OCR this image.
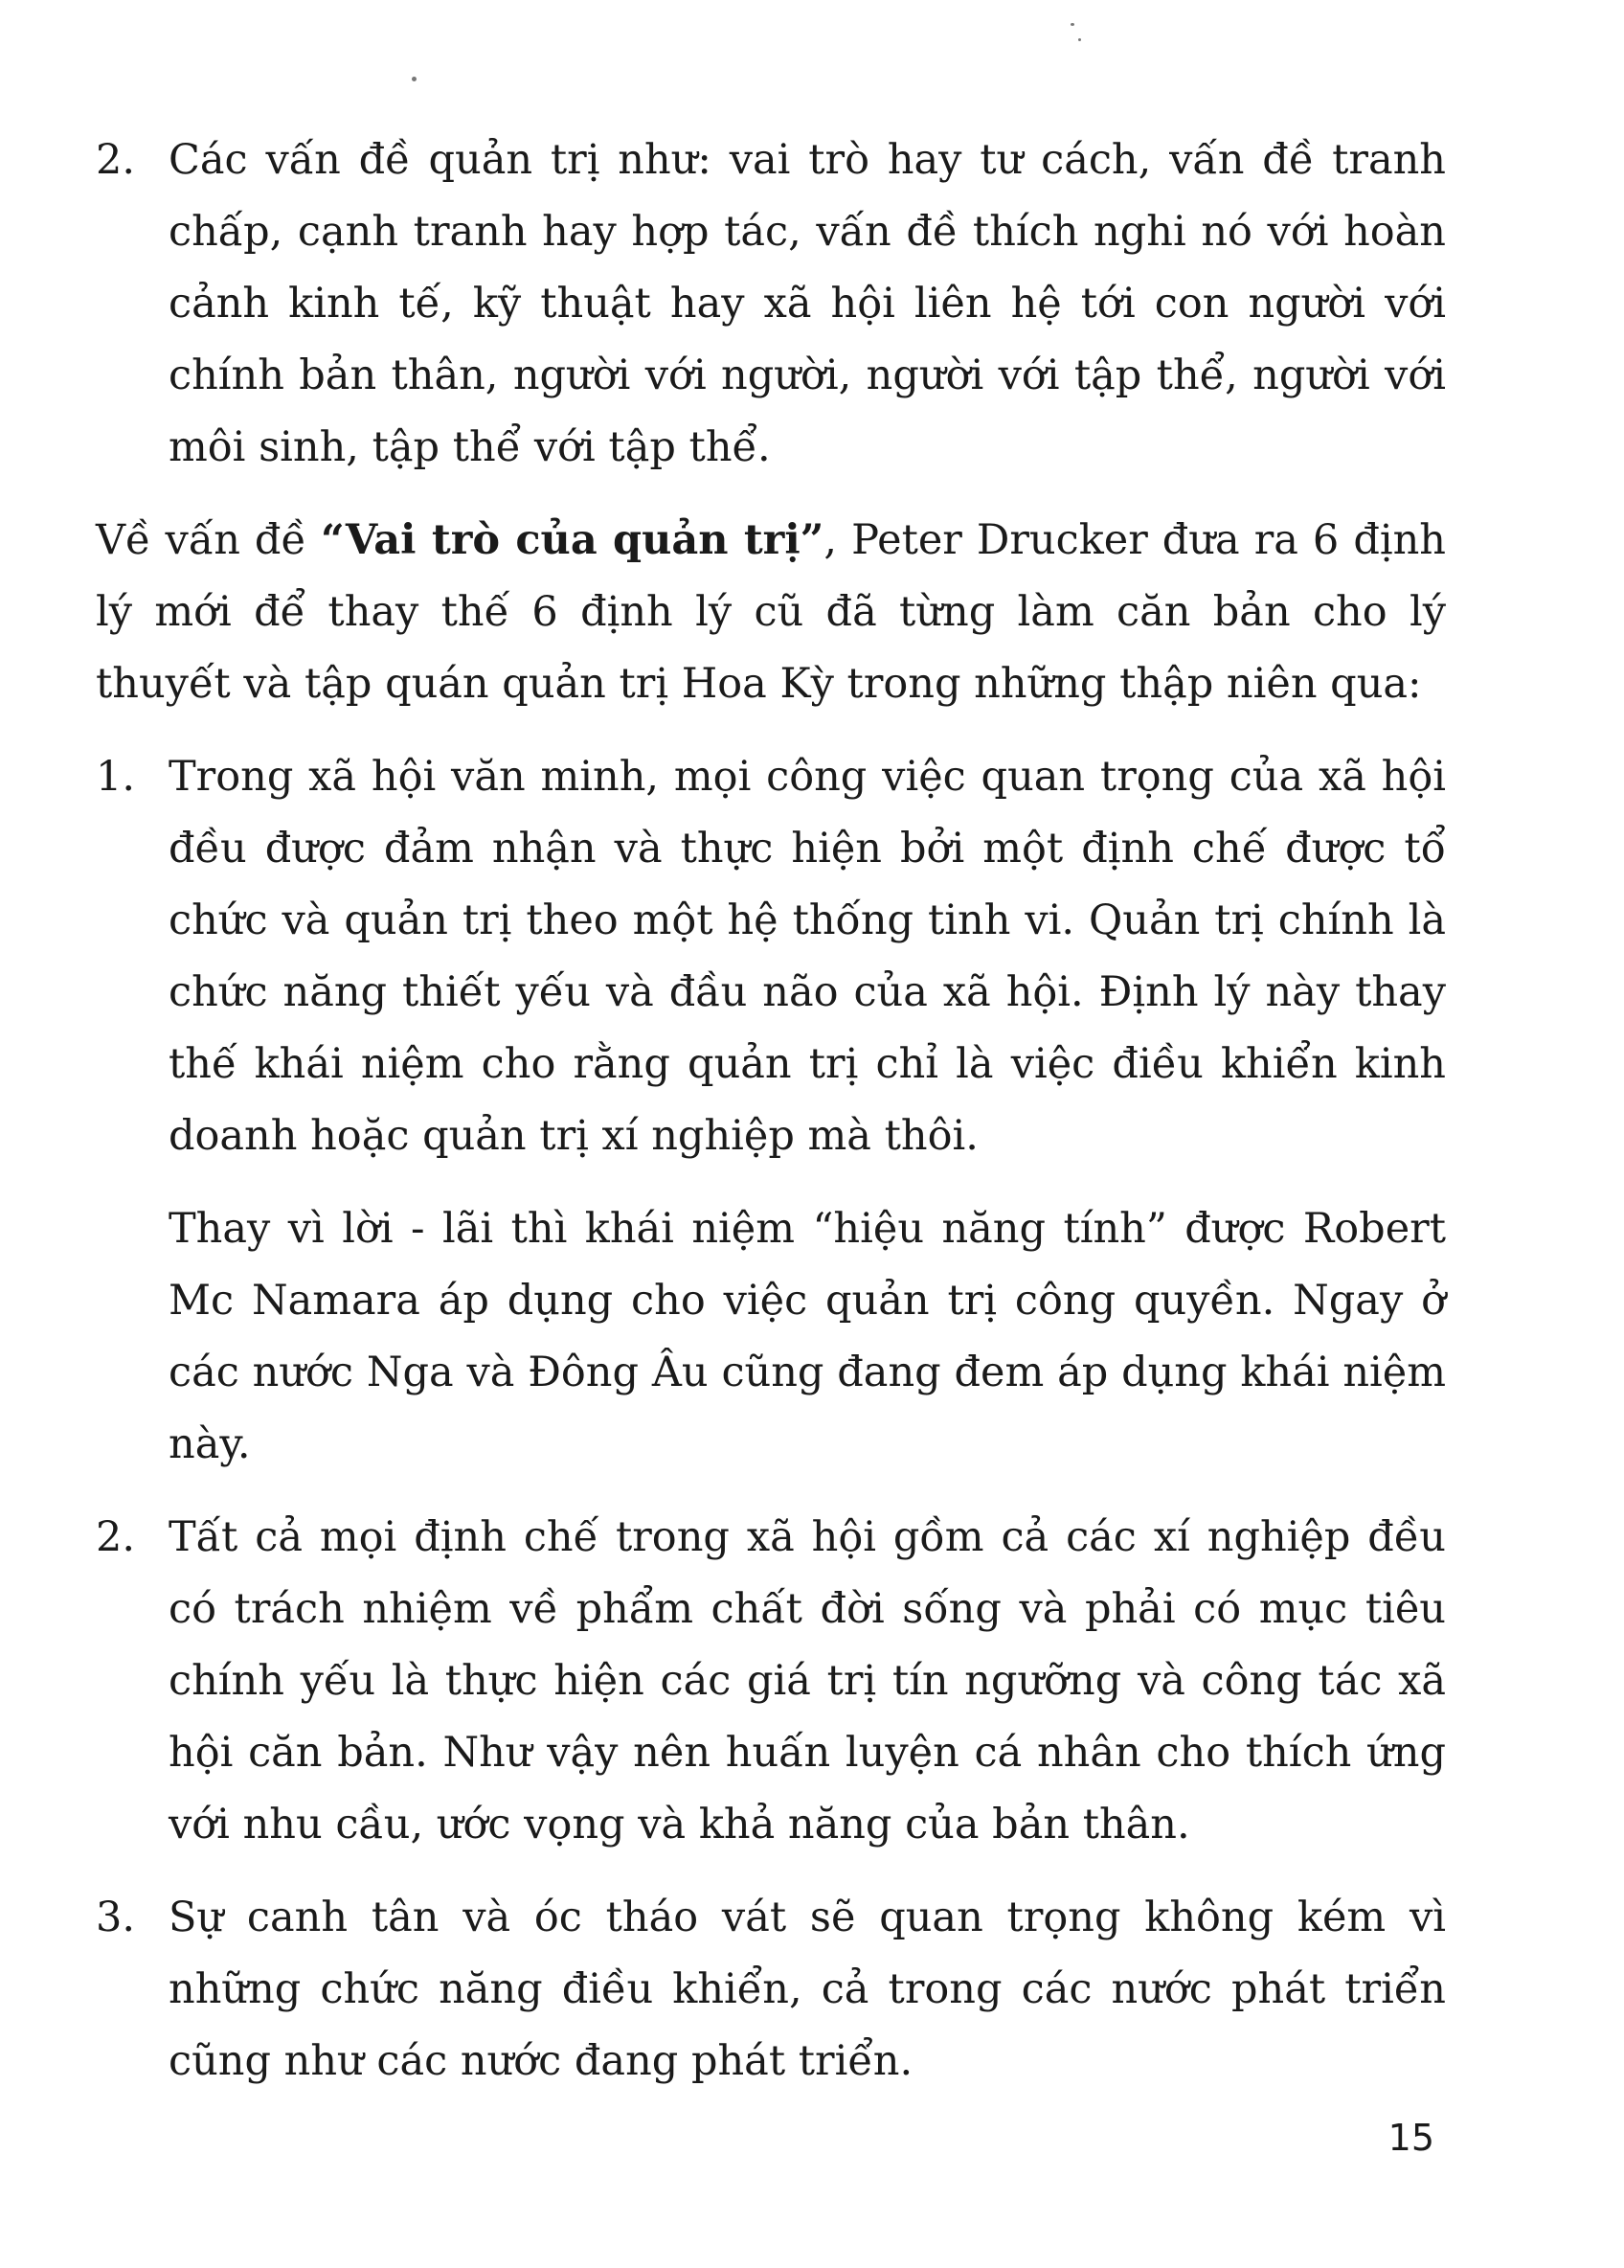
2. Các vấn đề quản trị như: vai trò hay tư cách, vấn đề tranh chấp, cạnh tranh hay hợp tác, vấn đề thích nghi nó với hoàn cảnh kinh tế, kỹ thuật hay xã hội liên hệ tới con người với chính bản thân, người với người, người với tập thể, người với môi sinh, tập thể với tập thể.

Về vấn đề “Vai trò của quản trị”, Peter Drucker đưa ra 6 định lý mới để thay thế 6 định lý cũ đã từng làm căn bản cho lý thuyết và tập quán quản trị Hoa Kỳ trong những thập niên qua:

1. Trong xã hội văn minh, mọi công việc quan trọng của xã hội đều được đảm nhận và thực hiện bởi một định chế được tổ chức và quản trị theo một hệ thống tinh vi. Quản trị chính là chức năng thiết yếu và đầu não của xã hội. Định lý này thay thế khái niệm cho rằng quản trị chỉ là việc điều khiển kinh doanh hoặc quản trị xí nghiệp mà thôi.

Thay vì lời - lãi thì khái niệm “hiệu năng tính” được Robert Mc Namara áp dụng cho việc quản trị công quyền. Ngay ở các nước Nga và Đông Âu cũng đang đem áp dụng khái niệm này.

2. Tất cả mọi định chế trong xã hội gồm cả các xí nghiệp đều có trách nhiệm về phẩm chất đời sống và phải có mục tiêu chính yếu là thực hiện các giá trị tín ngưỡng và công tác xã hội căn bản. Như vậy nên huấn luyện cá nhân cho thích ứng với nhu cầu, ước vọng và khả năng của bản thân.

3. Sự canh tân và óc tháo vát sẽ quan trọng không kém vì những chức năng điều khiển, cả trong các nước phát triển cũng như các nước đang phát triển.

15
